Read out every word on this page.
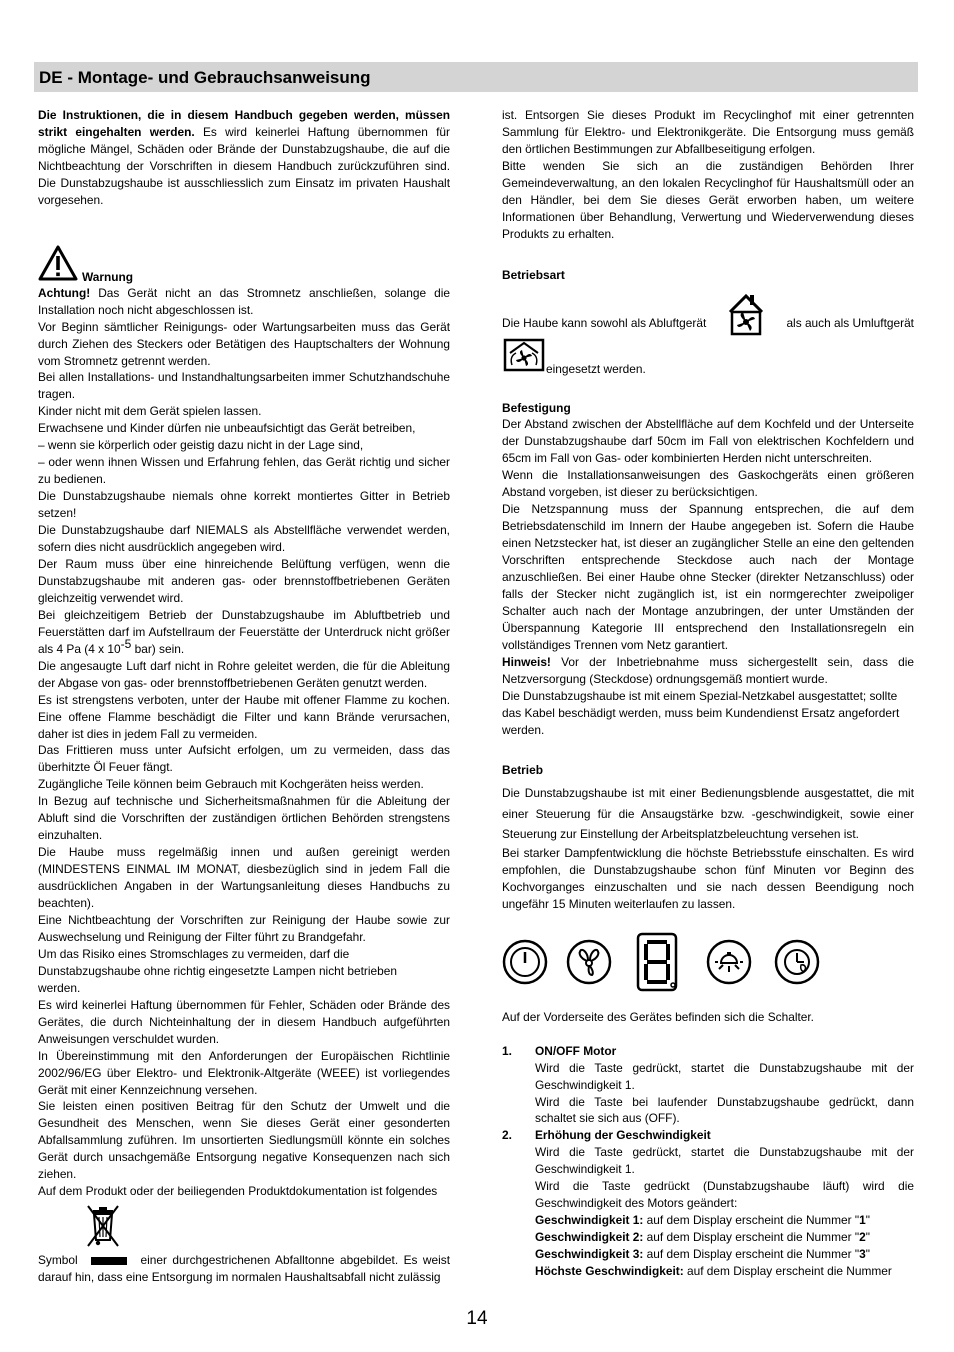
DE - Montage- und Gebrauchsanweisung

Die Instruktionen, die in diesem Handbuch gegeben werden, müssen strikt eingehalten werden. Es wird keinerlei Haftung übernommen für mögliche Mängel, Schäden oder Brände der Dunstabzugshaube, die auf die Nichtbeachtung der Vorschriften in diesem Handbuch zurückzuführen sind. Die Dunstabzugshaube ist ausschliesslich zum Einsatz im privaten Haushalt vorgesehen.

Warnung

Achtung! Das Gerät nicht an das Stromnetz anschließen, solange die Installation noch nicht abgeschlossen ist.

Vor Beginn sämtlicher Reinigungs- oder Wartungsarbeiten muss das Gerät durch Ziehen des Steckers oder Betätigen des Hauptschalters der Wohnung vom Stromnetz getrennt werden.

Bei allen Installations- und Instandhaltungsarbeiten immer Schutzhandschuhe tragen.

Kinder nicht mit dem Gerät spielen lassen.

Erwachsene und Kinder dürfen nie unbeaufsichtigt das Gerät betreiben,

– wenn sie körperlich oder geistig dazu nicht in der Lage sind,

– oder wenn ihnen Wissen und Erfahrung fehlen, das Gerät richtig und sicher zu bedienen.

Die Dunstabzugshaube niemals ohne korrekt montiertes Gitter in Betrieb setzen!

Die Dunstabzugshaube darf NIEMALS als Abstellfläche verwendet werden, sofern dies nicht ausdrücklich angegeben wird.

Der Raum muss über eine hinreichende Belüftung verfügen, wenn die Dunstabzugshaube mit anderen gas- oder brennstoffbetriebenen Geräten gleichzeitig verwendet wird.

Bei gleichzeitigem Betrieb der Dunstabzugshaube im Abluftbetrieb und Feuerstätten darf im Aufstellraum der Feuerstätte der Unterdruck nicht größer als 4 Pa (4 x $10^{-5}$ bar) sein.

Die angesaugte Luft darf nicht in Rohre geleitet werden, die für die Ableitung der Abgase von gas- oder brennstoffbetriebenen Geräten genutzt werden.

Es ist strengstens verboten, unter der Haube mit offener Flamme zu kochen. Eine offene Flamme beschädigt die Filter und kann Brände verursachen, daher ist dies in jedem Fall zu vermeiden.

Das Frittieren muss unter Aufsicht erfolgen, um zu vermeiden, dass das überhitzte Öl Feuer fängt.

Zugängliche Teile können beim Gebrauch mit Kochgeräten heiss werden.

In Bezug auf technische und Sicherheitsmaßnahmen für die Ableitung der Abluft sind die Vorschriften der zuständigen örtlichen Behörden strengstens einzuhalten.

Die Haube muss regelmäßig innen und außen gereinigt werden (MINDESTENS EINMAL IM MONAT, diesbezüglich sind in jedem Fall die ausdrücklichen Angaben in der Wartungsanleitung dieses Handbuchs zu beachten).

Eine Nichtbeachtung der Vorschriften zur Reinigung der Haube sowie zur Auswechselung und Reinigung der Filter führt zu Brandgefahr.

Um das Risiko eines Stromschlages zu vermeiden, darf die

Dunstabzugshaube ohne richtig eingesetzte Lampen nicht betrieben

werden.

Es wird keinerlei Haftung übernommen für Fehler, Schäden oder Brände des Gerätes, die durch Nichteinhaltung der in diesem Handbuch aufgeführten Anweisungen verschuldet wurden.

In Übereinstimmung mit den Anforderungen der Europäischen Richtlinie 2002/96/EG über Elektro- und Elektronik-Altgeräte (WEEE) ist vorliegendes Gerät mit einer Kennzeichnung versehen.

Sie leisten einen positiven Beitrag für den Schutz der Umwelt und die Gesundheit des Menschen, wenn Sie dieses Gerät einer gesonderten Abfallsammlung zuführen. Im unsortierten Siedlungsmüll könnte ein solches Gerät durch unsachgemäße Entsorgung negative Konsequenzen nach sich ziehen.

Auf dem Produkt oder der beiliegenden Produktdokumentation ist folgendes

Symbol	einer durchgestrichenen Abfalltonne abgebildet. Es weist darauf hin, dass eine Entsorgung im normalen Haushaltsabfall nicht zulässig

ist. Entsorgen Sie dieses Produkt im Recyclinghof mit einer getrennten Sammlung für Elektro- und Elektronikgeräte. Die Entsorgung muss gemäß den örtlichen Bestimmungen zur Abfallbeseitigung erfolgen.

Bitte wenden Sie sich an die zuständigen Behörden Ihrer Gemeindeverwaltung, an den lokalen Recyclinghof für Haushaltsmüll oder an den Händler, bei dem Sie dieses Gerät erworben haben, um weitere Informationen über Behandlung, Verwertung und Wiederverwendung dieses Produkts zu erhalten.

Betriebsart

Die Haube kann sowohl als Abluftgerät	als auch als Umluftgerät
eingesetzt werden.

Befestigung

Der Abstand zwischen der Abstellfläche auf dem Kochfeld und der Unterseite der Dunstabzugshaube darf 50cm im Fall von elektrischen Kochfeldern und 65cm im Fall von Gas- oder kombinierten Herden nicht unterschreiten.

Wenn die Installationsanweisungen des Gaskochgeräts einen größeren Abstand vorgeben, ist dieser zu berücksichtigen.

Die Netzspannung muss der Spannung entsprechen, die auf dem Betriebsdatenschild im Innern der Haube angegeben ist. Sofern die Haube einen Netzstecker hat, ist dieser an zugänglicher Stelle an eine den geltenden Vorschriften entsprechende Steckdose auch nach der Montage anzuschließen. Bei einer Haube ohne Stecker (direkter Netzanschluss) oder falls der Stecker nicht zugänglich ist, ist ein normgerechter zweipoliger Schalter auch nach der Montage anzubringen, der unter Umständen der Überspannung Kategorie III entsprechend den Installationsregeln ein vollständiges Trennen vom Netz garantiert.

Hinweis! Vor der Inbetriebnahme muss sichergestellt sein, dass die Netzversorgung (Steckdose) ordnungsgemäß montiert wurde.

Die Dunstabzugshaube ist mit einem Spezial-Netzkabel ausgestattet; sollte das Kabel beschädigt werden, muss beim Kundendienst Ersatz angefordert werden.

Betrieb

Die Dunstabzugshaube ist mit einer Bedienungsblende ausgestattet, die mit einer Steuerung für die Ansaugstärke bzw. -geschwindigkeit, sowie einer Steuerung zur Einstellung der Arbeitsplatzbeleuchtung versehen ist.

Bei starker Dampfentwicklung die höchste Betriebsstufe einschalten. Es wird empfohlen, die Dunstabzugshaube schon fünf Minuten vor Beginn des Kochvorganges einzuschalten und sie nach dessen Beendigung noch ungefähr 15 Minuten weiterlaufen zu lassen.

Auf der Vorderseite des Gerätes befinden sich die Schalter.

1. ON/OFF Motor

Wird die Taste gedrückt, startet die Dunstabzugshaube mit der Geschwindigkeit 1.

Wird die Taste bei laufender Dunstabzugshaube gedrückt, dann schaltet sie sich aus (OFF).

2. Erhöhung der Geschwindigkeit

Wird die Taste gedrückt, startet die Dunstabzugshaube mit der Geschwindigkeit 1.

Wird die Taste gedrückt (Dunstabzugshaube läuft) wird die Geschwindigkeit des Motors geändert:

Geschwindigkeit 1: auf dem Display erscheint die Nummer "1"

Geschwindigkeit 2: auf dem Display erscheint die Nummer "2"

Geschwindigkeit 3: auf dem Display erscheint die Nummer "3"

Höchste Geschwindigkeit: auf dem Display erscheint die Nummer

14
